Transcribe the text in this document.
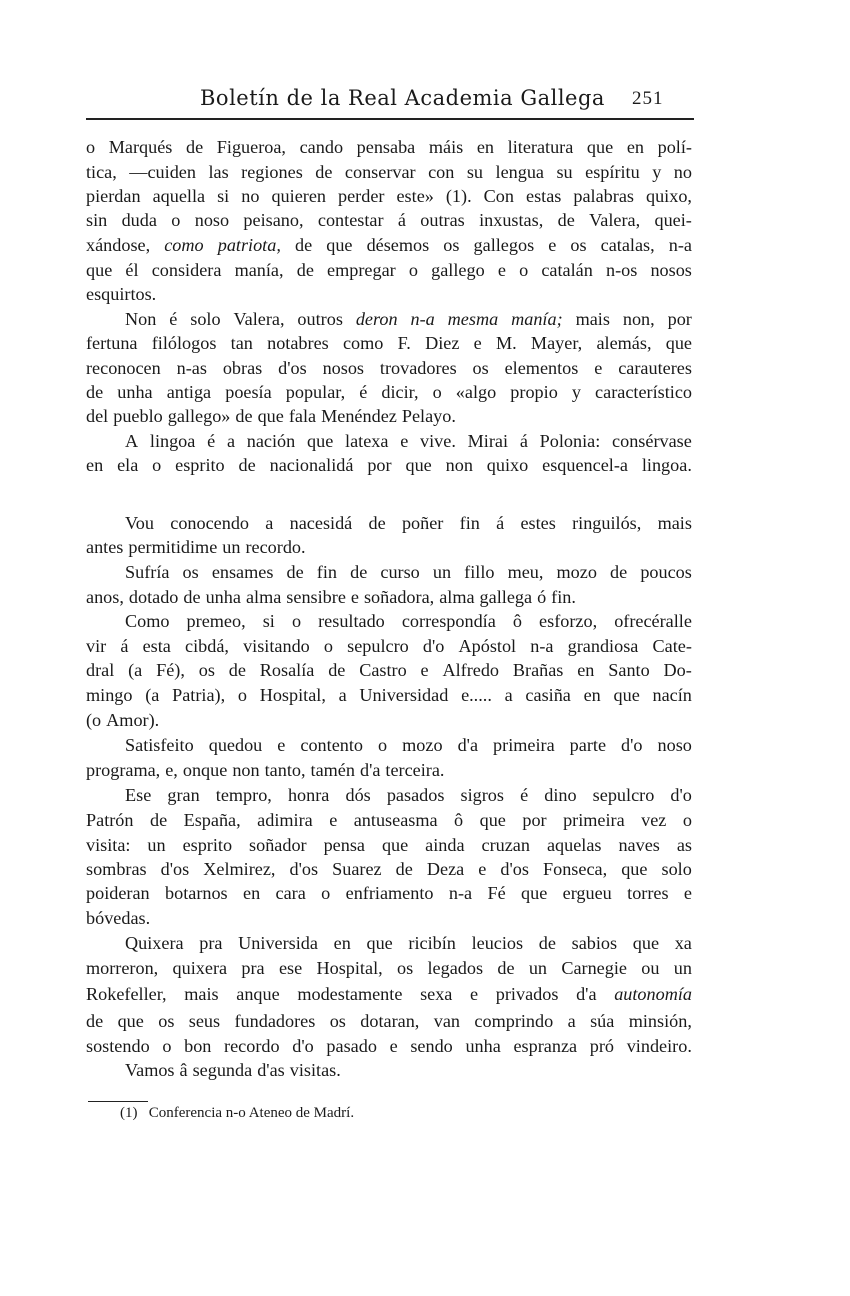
Boletín de la Real Academia Gallega 251
o Marqués de Figueroa, cando pensaba máis en literatura que en polí-
tica, —cuiden las regiones de conservar con su lengua su espíritu y no
pierdan aquella si no quieren perder este» (1). Con estas palabras quixo,
sin duda o noso peisano, contestar á outras inxustas, de Valera, quei-
xándose, como patriota, de que désemos os gallegos e os catalas, n-a
que él considera manía, de empregar o gallego e o catalán n-os nosos
esquirtos.
Non é solo Valera, outros deron n-a mesma manía; mais non, por
fertuna filólogos tan notabres como F. Diez e M. Mayer, alemás, que
reconocen n-as obras d'os nosos trovadores os elementos e carauteres
de unha antiga poesía popular, é dicir, o «algo propio y característico
del pueblo gallego» de que fala Menéndez Pelayo.
A lingoa é a nación que latexa e vive. Mirai á Polonia: consérvase
en ela o esprito de nacionalidá por que non quixo esquencel-a lingoa.
Vou conocendo a nacesidá de poñer fin á estes ringuilós, mais
antes permitidime un recordo.
Sufría os ensames de fin de curso un fillo meu, mozo de poucos
anos, dotado de unha alma sensibre e soñadora, alma gallega ó fin.
Como premeo, si o resultado correspondía ô esforzo, ofrecéralle
vir á esta cibdá, visitando o sepulcro d'o Apóstol n-a grandiosa Cate-
dral (a Fé), os de Rosalía de Castro e Alfredo Brañas en Santo Do-
mingo (a Patria), o Hospital, a Universidad e..... a casiña en que nacín
(o Amor).
Satisfeito quedou e contento o mozo d'a primeira parte d'o noso
programa, e, onque non tanto, tamén d'a terceira.
Ese gran tempro, honra dós pasados sigros é dino sepulcro d'o
Patrón de España, adimira e antuseasma ô que por primeira vez o
visita: un esprito soñador pensa que ainda cruzan aquelas naves as
sombras d'os Xelmirez, d'os Suarez de Deza e d'os Fonseca, que solo
poideran botarnos en cara o enfriamento n-a Fé que ergueu torres e
bóvedas.
Quixera pra Universida en que ricibín leucios de sabios que xa
morreron, quixera pra ese Hospital, os legados de un Carnegie ou un
Rokefeller, mais anque modestamente sexa e privados d'a autonomía
de que os seus fundadores os dotaran, van comprindo a súa minsión,
sostendo o bon recordo d'o pasado e sendo unha espranza pró vindeiro.
Vamos â segunda d'as visitas.
(1) Conferencia n-o Ateneo de Madrí.
